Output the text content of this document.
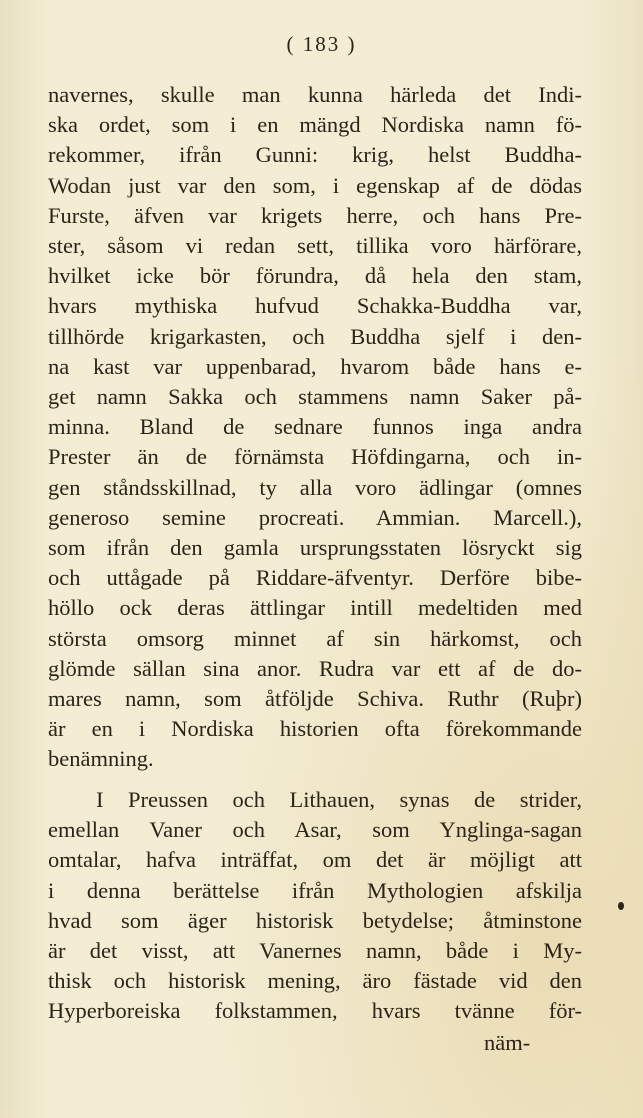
( 183 )
navernes, skulle man kunna härleda det Indi-
ska ordet, som i en mängd Nordiska namn fö-
rekommer, ifrån Gunni: krig, helst Buddha-
Wodan just var den som, i egenskap af de dödas
Furste, äfven var krigets herre, och hans Pre-
ster, såsom vi redan sett, tillika voro härförare,
hvilket icke bör förundra, då hela den stam,
hvars mythiska hufvud Schakka-Buddha var,
tillhörde krigarkasten, och Buddha sjelf i den-
na kast var uppenbarad, hvarom både hans e-
get namn Sakka och stammens namn Saker på-
minna. Bland de sednare funnos inga andra
Prester än de förnämsta Höfdingarna, och in-
gen ståndsskillnad, ty alla voro ädlingar (omnes
generoso semine procreati. Ammian. Marcell.),
som ifrån den gamla ursprungsstaten lösryckt sig
och uttågade på Riddare-äfventyr. Derföre bibe-
höllo ock deras ättlingar intill medeltiden med
största omsorg minnet af sin härkomst, och
glömde sällan sina anor. Rudra var ett af de do-
mares namn, som åtföljde Schiva. Ruthr (Ruþr)
är en i Nordiska historien ofta förekommande
benämning.
I Preussen och Lithauen, synas de strider,
emellan Vaner och Asar, som Ynglinga-sagan
omtalar, hafva inträffat, om det är möjligt att
i denna berättelse ifrån Mythologien afskilja
hvad som äger historisk betydelse; åtminstone
är det visst, att Vanernes namn, både i My-
thisk och historisk mening, äro fästade vid den
Hyperboreiska folkstammen, hvars tvänne för-
näm-
